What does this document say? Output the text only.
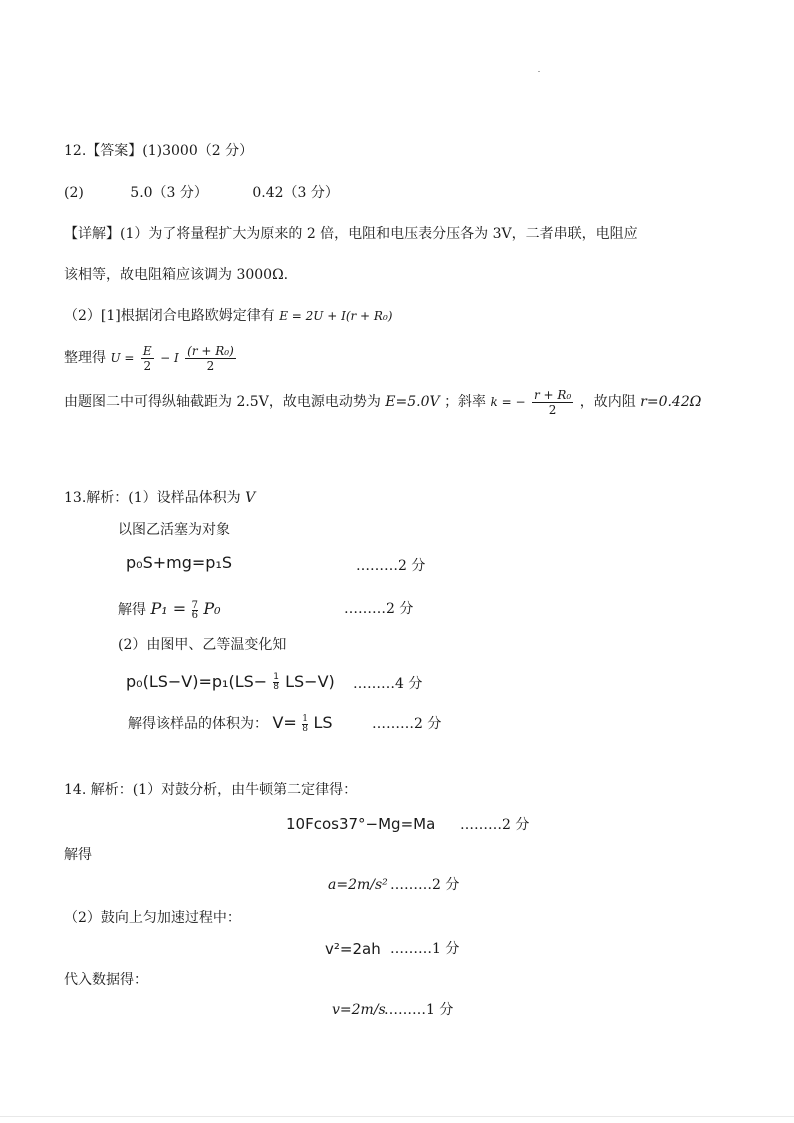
12.【答案】(1)3000（2 分）
(2)	5.0（3 分）	0.42（3 分）
【详解】(1）为了将量程扩大为原来的 2 倍，电阻和电压表分压各为 3V，二者串联，电阻应
该相等，故电阻箱应该调为 3000Ω.
（2）[1]根据闭合电路欧姆定律有 E = 2U + I(r + R₀)
整理得 $U = \frac{E}{2} - I \frac{\text{(r + R₀)}}{2}$
由题图二中可得纵轴截距为 2.5V，故电源电动势为 E=5.0V ；斜率 k = − $\frac{\text{r + R₀}}{2}$ ，故内阻 r=0.42Ω
13.解析：(1）设样品体积为 V
以图乙活塞为对象
p₀S+mg=p₁S	………2 分
解得 $P_1 = \frac{7}{6} P_0$	………2 分
(2）由图甲、乙等温变化知
$p_0(LS-V)=p_1(LS- \frac{1}{8} LS-V)$ ………4 分
解得该样品的体积为： $V= \frac{1}{8}$ LS	………2 分
14. 解析：(1）对鼓分析，由牛顿第二定律得：
10Fcos37°−Mg=Ma ………2 分
解得
a=2m/s² ………2 分
（2）鼓向上匀加速过程中：
v²=2ah ………1 分
代入数据得：
v=2m/s
………1 分
